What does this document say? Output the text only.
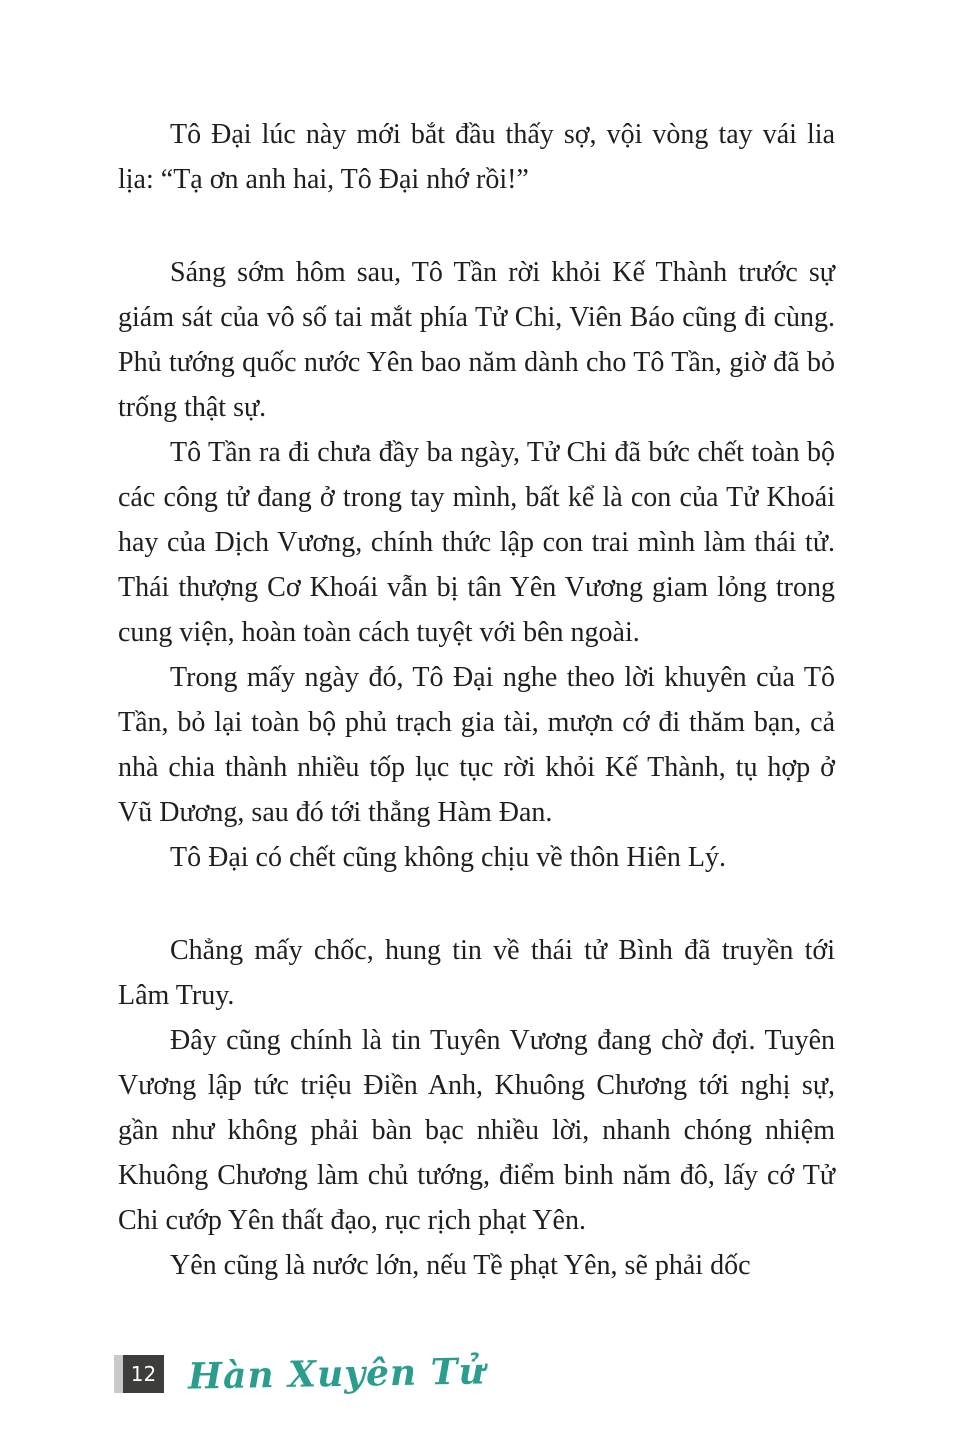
Tô Đại lúc này mới bắt đầu thấy sợ, vội vòng tay vái lia lịa: “Tạ ơn anh hai, Tô Đại nhớ rồi!”

Sáng sớm hôm sau, Tô Tần rời khỏi Kế Thành trước sự giám sát của vô số tai mắt phía Tử Chi, Viên Báo cũng đi cùng. Phủ tướng quốc nước Yên bao năm dành cho Tô Tần, giờ đã bỏ trống thật sự.

Tô Tần ra đi chưa đầy ba ngày, Tử Chi đã bức chết toàn bộ các công tử đang ở trong tay mình, bất kể là con của Tử Khoái hay của Dịch Vương, chính thức lập con trai mình làm thái tử. Thái thượng Cơ Khoái vẫn bị tân Yên Vương giam lỏng trong cung viện, hoàn toàn cách tuyệt với bên ngoài.

Trong mấy ngày đó, Tô Đại nghe theo lời khuyên của Tô Tần, bỏ lại toàn bộ phủ trạch gia tài, mượn cớ đi thăm bạn, cả nhà chia thành nhiều tốp lục tục rời khỏi Kế Thành, tụ hợp ở Vũ Dương, sau đó tới thẳng Hàm Đan.

Tô Đại có chết cũng không chịu về thôn Hiên Lý.

Chẳng mấy chốc, hung tin về thái tử Bình đã truyền tới Lâm Truy.

Đây cũng chính là tin Tuyên Vương đang chờ đợi. Tuyên Vương lập tức triệu Điền Anh, Khuông Chương tới nghị sự, gần như không phải bàn bạc nhiều lời, nhanh chóng nhiệm Khuông Chương làm chủ tướng, điểm binh năm đô, lấy cớ Tử Chi cướp Yên thất đạo, rục rịch phạt Yên.

Yên cũng là nước lớn, nếu Tề phạt Yên, sẽ phải dốc

12 Hàn Xuyên Tử
